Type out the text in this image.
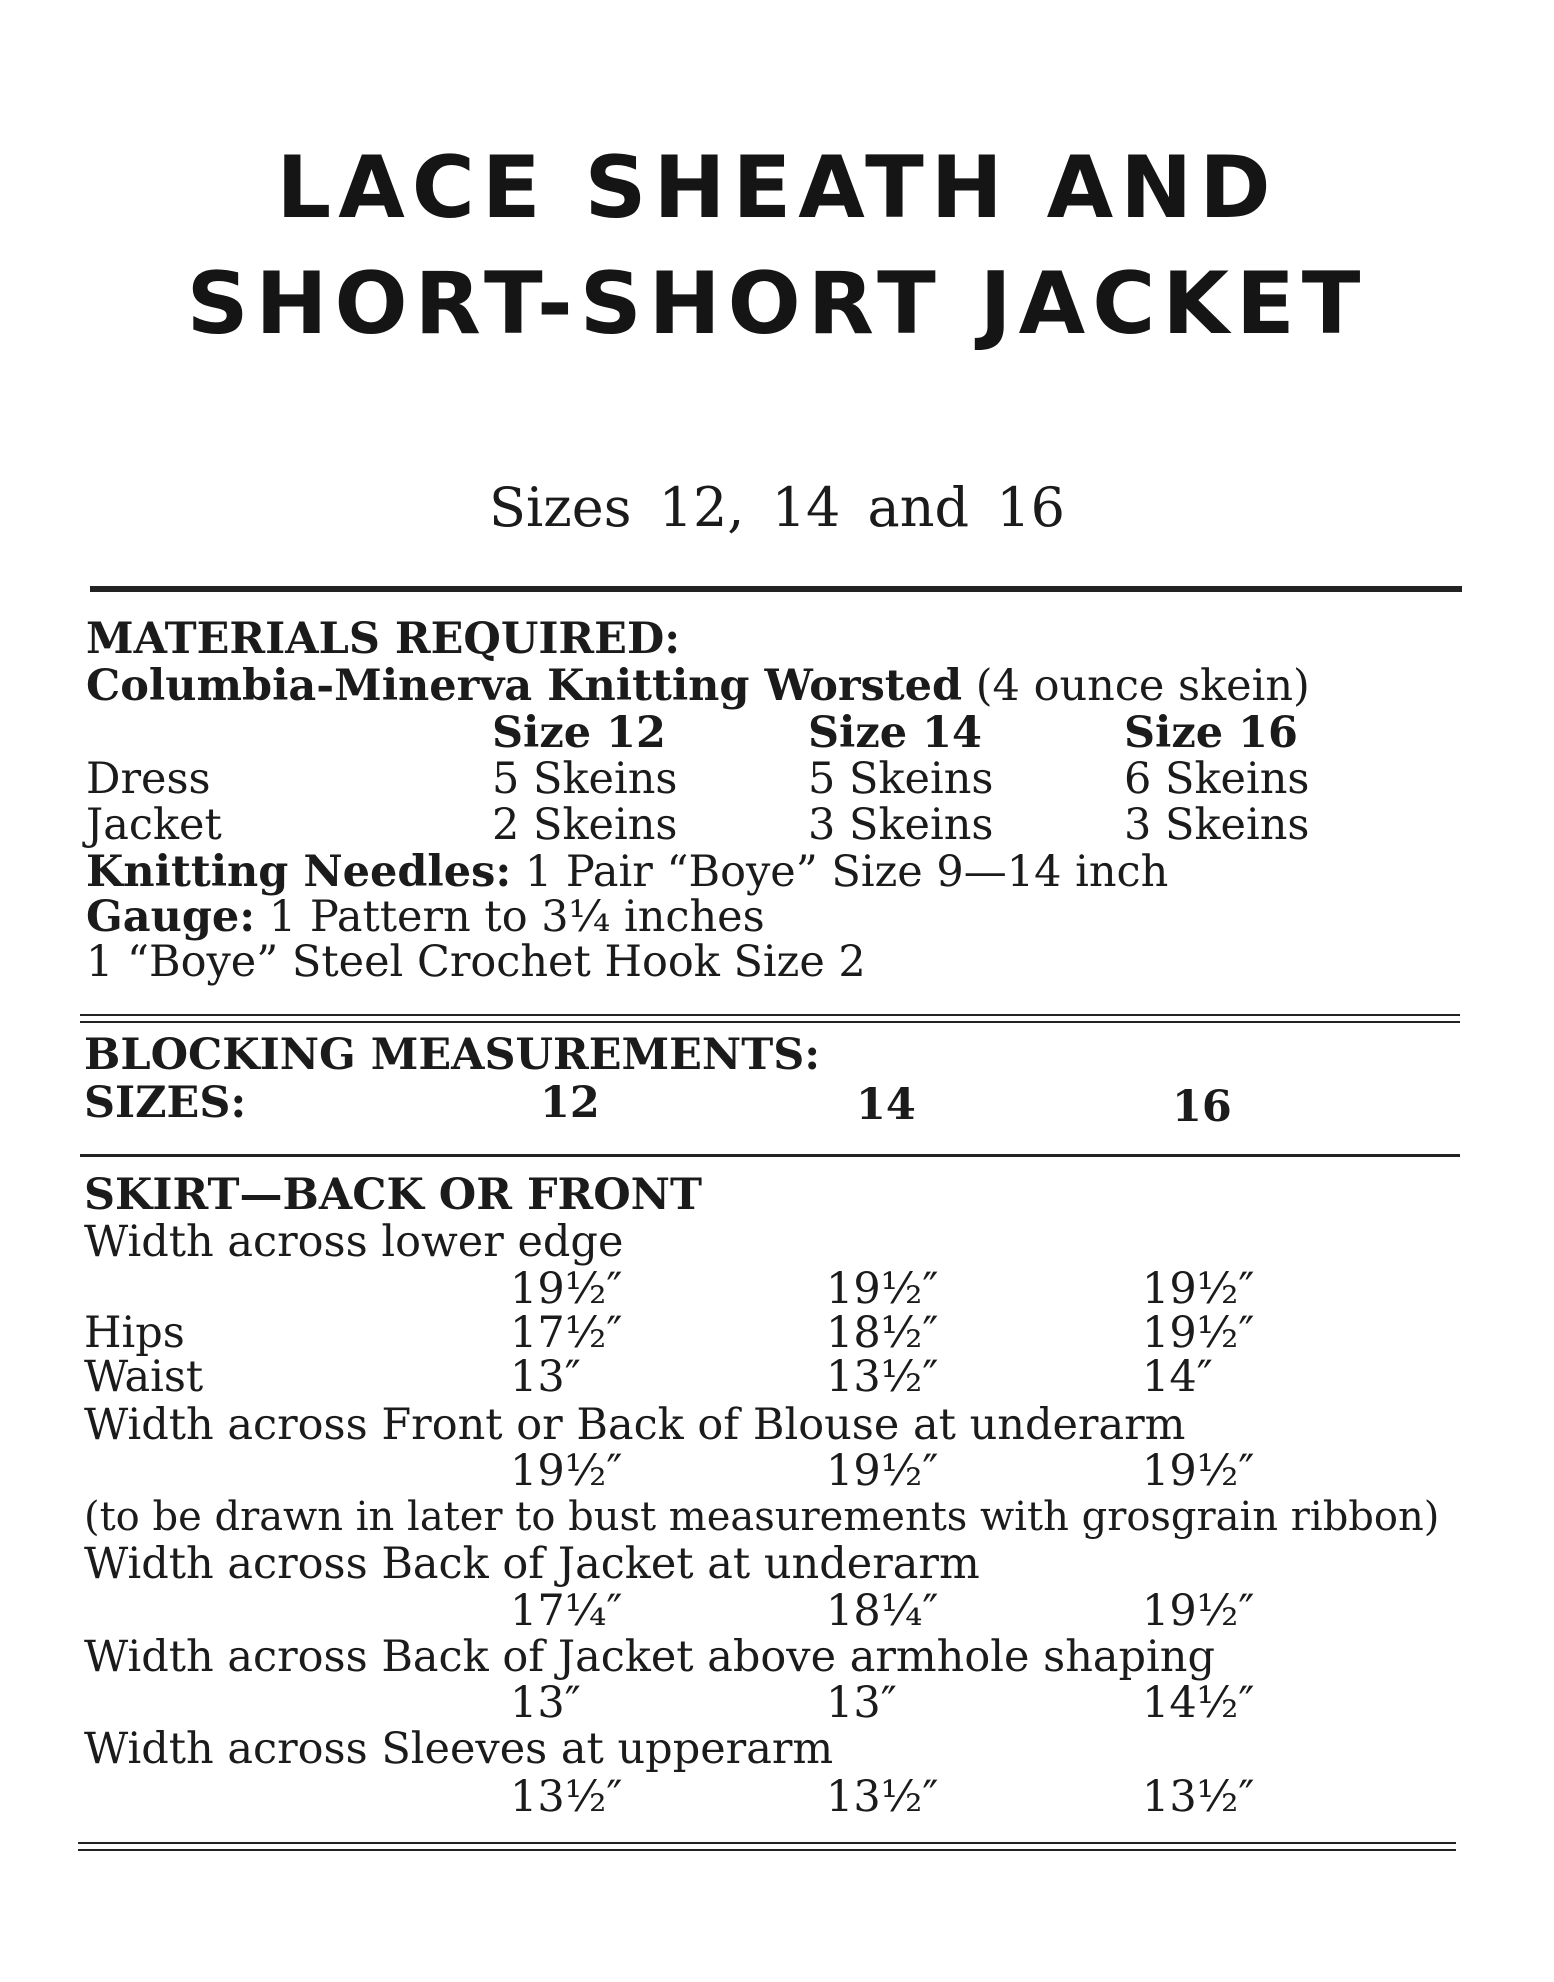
LACE SHEATH AND
SHORT-SHORT JACKET
Sizes 12, 14 and 16
MATERIALS REQUIRED:
Columbia-Minerva Knitting Worsted (4 ounce skein)
Size 12	Size 14	Size 16
Dress	5 Skeins	5 Skeins	6 Skeins
Jacket	2 Skeins	3 Skeins	3 Skeins
Knitting Needles: 1 Pair “Boye” Size 9—14 inch
Gauge: 1 Pattern to 3¼ inches
1 “Boye” Steel Crochet Hook Size 2
BLOCKING MEASUREMENTS:
SIZES:	12	14	16
SKIRT—BACK OR FRONT
Width across lower edge
19½″	19½″	19½″
Hips	17½″	18½″	19½″
Waist	13″	13½″	14″
Width across Front or Back of Blouse at underarm
19½″	19½″	19½″
(to be drawn in later to bust measurements with grosgrain ribbon)
Width across Back of Jacket at underarm
17¼″	18¼″	19½″
Width across Back of Jacket above armhole shaping
13″	13″	14½″
Width across Sleeves at upperarm
13½″	13½″	13½″
